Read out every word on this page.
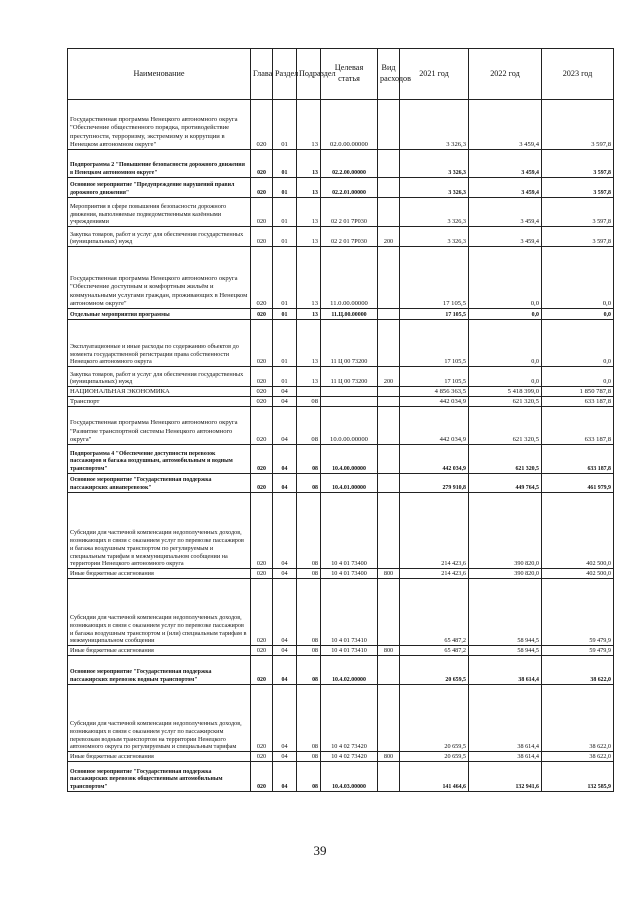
Наименование	Глава	Раздел	Подраздел	Целевая статья	Вид расходов	2021 год	2022 год	2023 год
Государственная программа Ненецкого автономного округа "Обеспечение общественного порядка, противодействие преступности, терроризму, экстремизму и коррупции в Ненецком автономном округе"	020	01	13	02.0.00.00000		3 326,3	3 459,4	3 597,8
Подпрограмма 2 "Повышение безопасности дорожного движения в Ненецком автономном округе"	020	01	13	02.2.00.00000		3 326,3	3 459,4	3 597,8
Основное мероприятие "Предупреждение нарушений правил дорожного движения"	020	01	13	02.2.01.00000		3 326,3	3 459,4	3 597,8
Мероприятия в сфере повышения безопасности дорожного движения, выполняемые подведомственными казёнными учреждениями	020	01	13	02 2 01 7Р030		3 326,3	3 459,4	3 597,8
Закупка товаров, работ и услуг для обеспечения государственных (муниципальных) нужд	020	01	13	02 2 01 7Р030	200	3 326,3	3 459,4	3 597,8
Государственная программа Ненецкого автономного округа "Обеспечение доступным и комфортным жильём и коммунальными услугами граждан, проживающих в Ненецком автономном округе"	020	01	13	11.0.00.00000		17 105,5	0,0	0,0
Отдельные мероприятия программы	020	01	13	11.Ц.00.00000		17 105,5	0,0	0,0
Эксплуатационные и иные расходы по содержанию объектов до момента государственной регистрации права собственности Ненецкого автономного округа	020	01	13	11 Ц 00 73200		17 105,5	0,0	0,0
Закупка товаров, работ и услуг для обеспечения государственных (муниципальных) нужд	020	01	13	11 Ц 00 73200	200	17 105,5	0,0	0,0
НАЦИОНАЛЬНАЯ ЭКОНОМИКА	020	04				4 856 363,5	5 418 399,0	1 850 787,8
Транспорт	020	04	08			442 034,9	621 320,5	633 187,8
Государственная программа Ненецкого автономного округа "Развитие транспортной системы Ненецкого автономного округа"	020	04	08	10.0.00.00000		442 034,9	621 320,5	633 187,8
Подпрограмма 4 "Обеспечение доступности перевозок пассажиров и багажа воздушным, автомобильным и водным транспортом"	020	04	08	10.4.00.00000		442 034,9	621 320,5	633 187,8
Основное мероприятие "Государственная поддержка пассажирских авиаперевозок"	020	04	08	10.4.01.00000		279 910,8	449 764,5	461 979,9
Субсидии для частичной компенсации недополученных доходов, возникающих в связи с оказанием услуг по перевозке пассажиров и багажа воздушным транспортом по регулируемым и специальным тарифам в межмуниципальном сообщении на территории Ненецкого автономного округа	020	04	08	10 4 01 73400		214 423,6	390 820,0	402 500,0
Иные бюджетные ассигнования	020	04	08	10 4 01 73400	800	214 423,6	390 820,0	402 500,0
Субсидии для частичной компенсации недополученных доходов, возникающих в связи с оказанием услуг по перевозке пассажиров и багажа воздушным транспортом и (или) специальным тарифам в межмуниципальном сообщении	020	04	08	10 4 01 73410		65 487,2	58 944,5	59 479,9
Иные бюджетные ассигнования	020	04	08	10 4 01 73410	800	65 487,2	58 944,5	59 479,9
Основное мероприятие "Государственная поддержка пассажирских перевозок водным транспортом"	020	04	08	10.4.02.00000		20 659,5	38 614,4	38 622,0
Субсидии для частичной компенсации недополученных доходов, возникающих в связи с оказанием услуг по пассажирским перевозкам водным транспортом на территории Ненецкого автономного округа по регулируемым и специальным тарифам	020	04	08	10 4 02 73420		20 659,5	38 614,4	38 622,0
Иные бюджетные ассигнования	020	04	08	10 4 02 73420	800	20 659,5	38 614,4	38 622,0
Основное мероприятие "Государственная поддержка пассажирских перевозок общественным автомобильным транспортом"	020	04	08	10.4.03.00000		141 464,6	132 941,6	132 585,9
39
